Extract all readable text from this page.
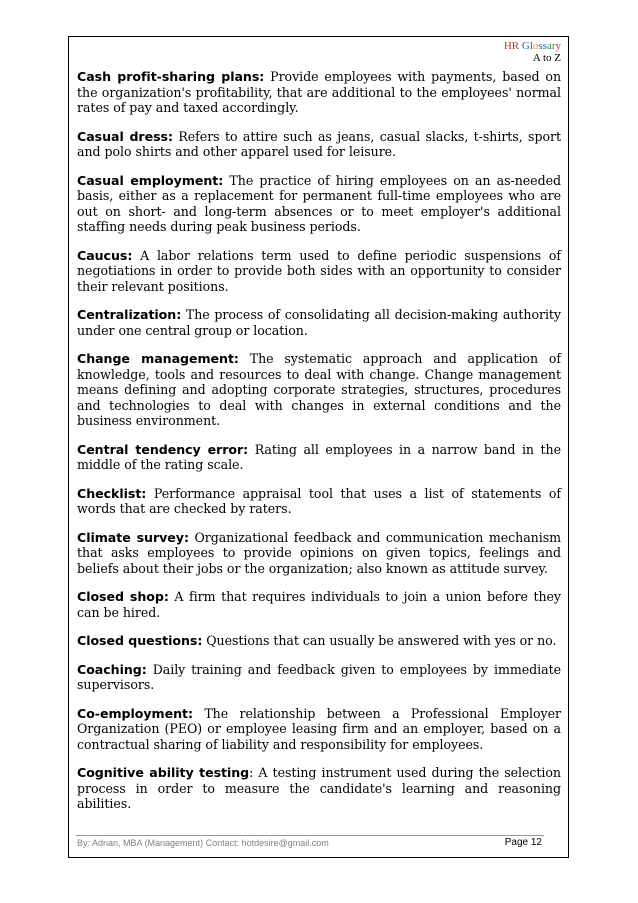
HR Glossary
A to Z

Cash profit-sharing plans: Provide employees with payments, based on the organization's profitability, that are additional to the employees' normal rates of pay and taxed accordingly.

Casual dress: Refers to attire such as jeans, casual slacks, t-shirts, sport and polo shirts and other apparel used for leisure.

Casual employment: The practice of hiring employees on an as-needed basis, either as a replacement for permanent full-time employees who are out on short- and long-term absences or to meet employer's additional staffing needs during peak business periods.

Caucus: A labor relations term used to define periodic suspensions of negotiations in order to provide both sides with an opportunity to consider their relevant positions.

Centralization: The process of consolidating all decision-making authority under one central group or location.

Change management: The systematic approach and application of knowledge, tools and resources to deal with change. Change management means defining and adopting corporate strategies, structures, procedures and technologies to deal with changes in external conditions and the business environment.

Central tendency error: Rating all employees in a narrow band in the middle of the rating scale.

Checklist: Performance appraisal tool that uses a list of statements of words that are checked by raters.

Climate survey: Organizational feedback and communication mechanism that asks employees to provide opinions on given topics, feelings and beliefs about their jobs or the organization; also known as attitude survey.

Closed shop: A firm that requires individuals to join a union before they can be hired.

Closed questions: Questions that can usually be answered with yes or no.

Coaching: Daily training and feedback given to employees by immediate supervisors.

Co-employment: The relationship between a Professional Employer Organization (PEO) or employee leasing firm and an employer, based on a contractual sharing of liability and responsibility for employees.

Cognitive ability testing: A testing instrument used during the selection process in order to measure the candidate's learning and reasoning abilities.

By: Adnan, MBA (Management) Contact: hotdesire@gmail.com	Page 12
